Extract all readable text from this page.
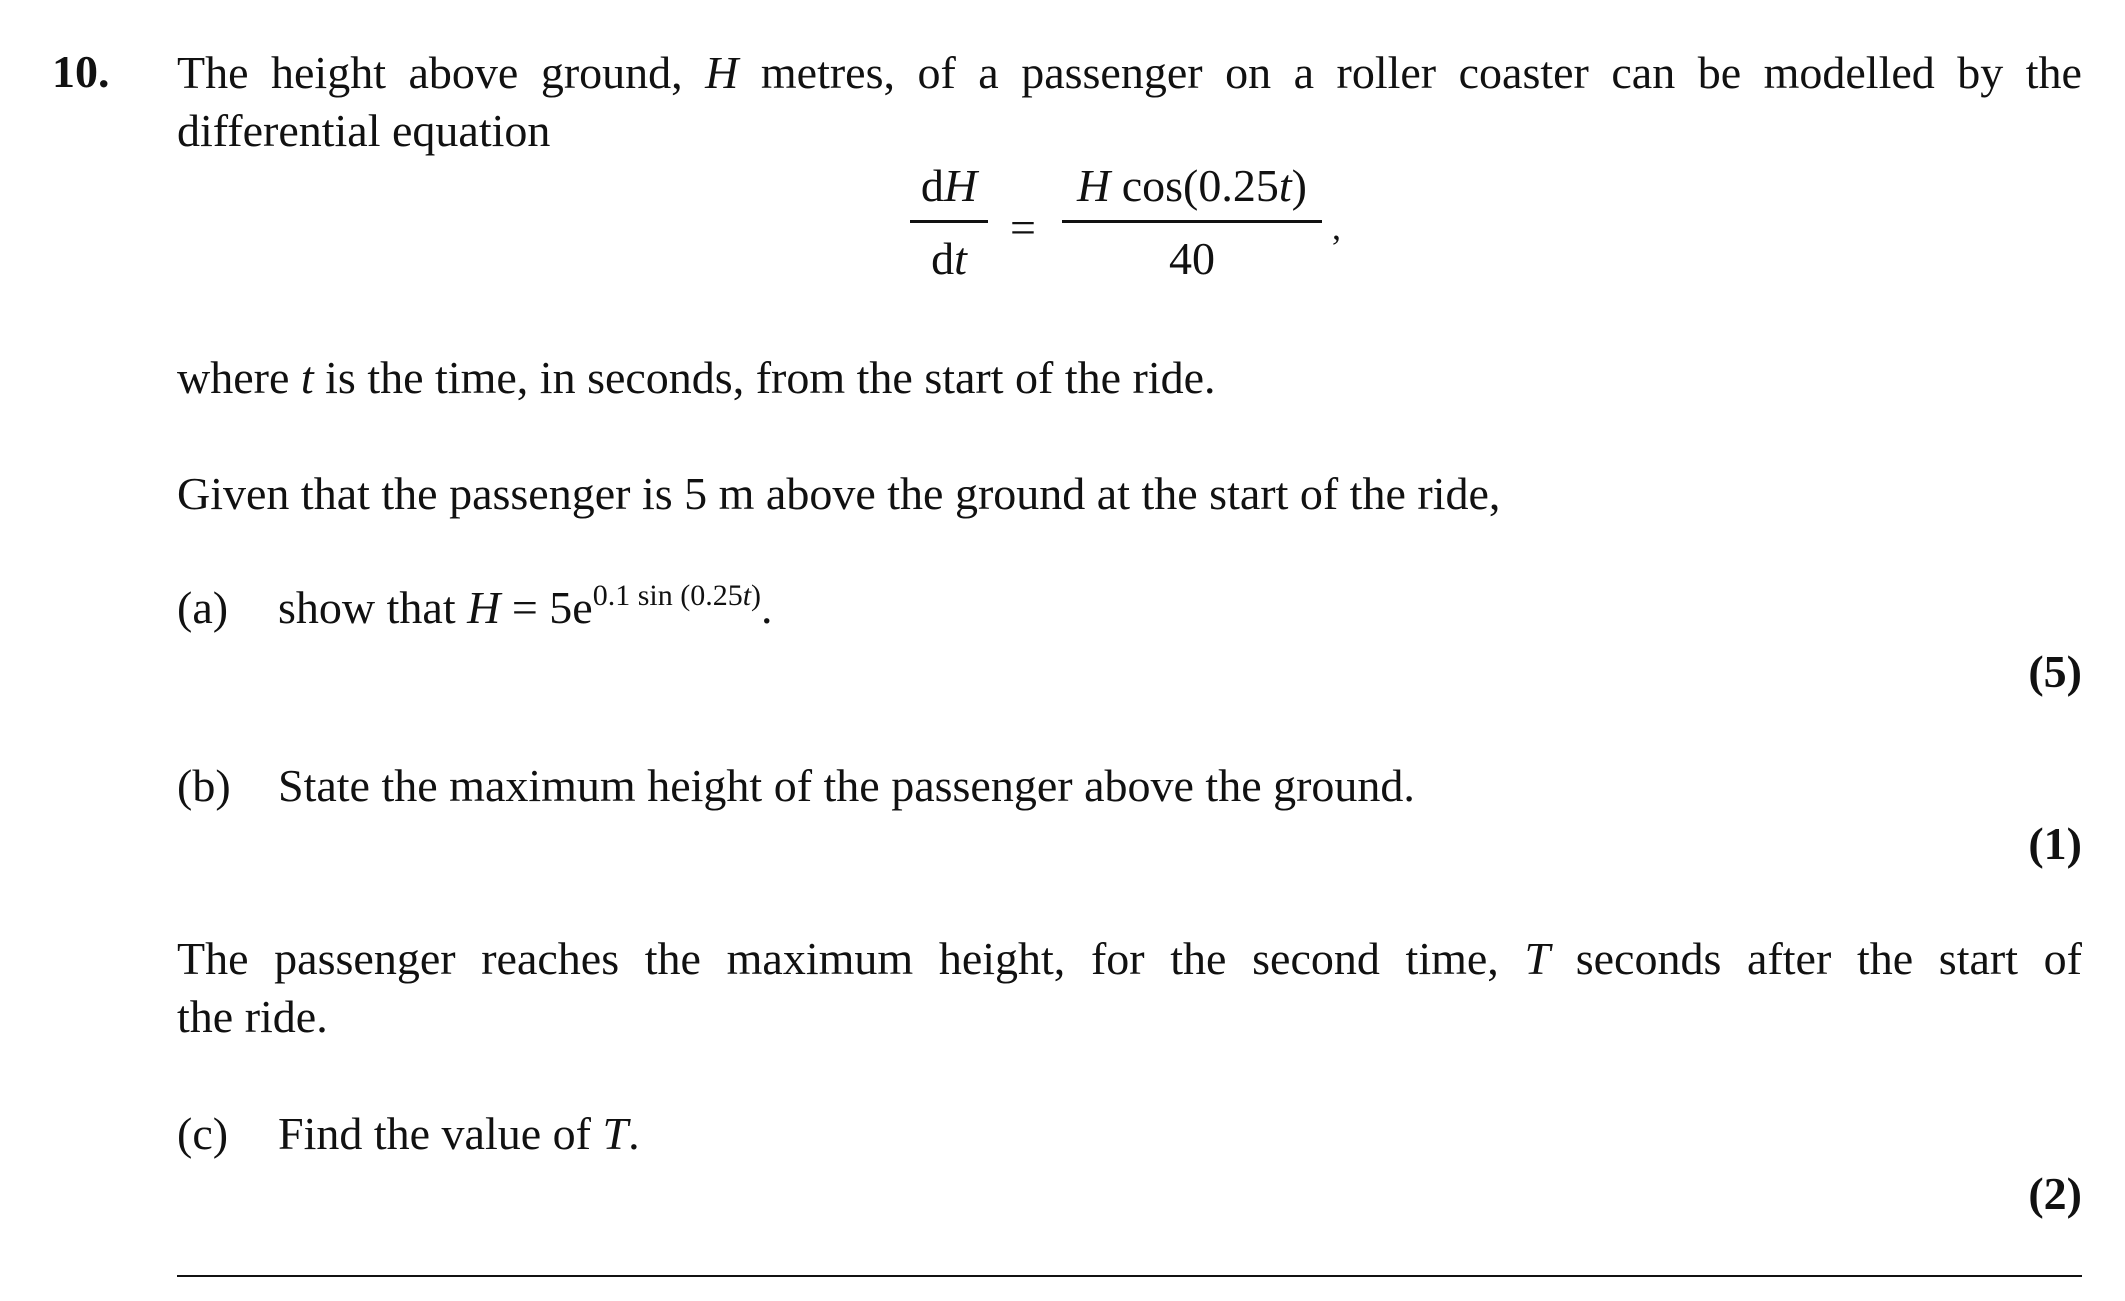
10. The height above ground, H metres, of a passenger on a roller coaster can be modelled by the
differential equation
dH
dt
=
H cos(0.25t)
40
,
where t is the time, in seconds, from the start of the ride.
Given that the passenger is 5 m above the ground at the start of the ride,
(a) show that $H = 5e^{0.1 sin (0.25t)}$.
(5)
(b) State the maximum height of the passenger above the ground.
(1)
The passenger reaches the maximum height, for the second time, T seconds after the start of
the ride.
(c) Find the value of T.
(2)
